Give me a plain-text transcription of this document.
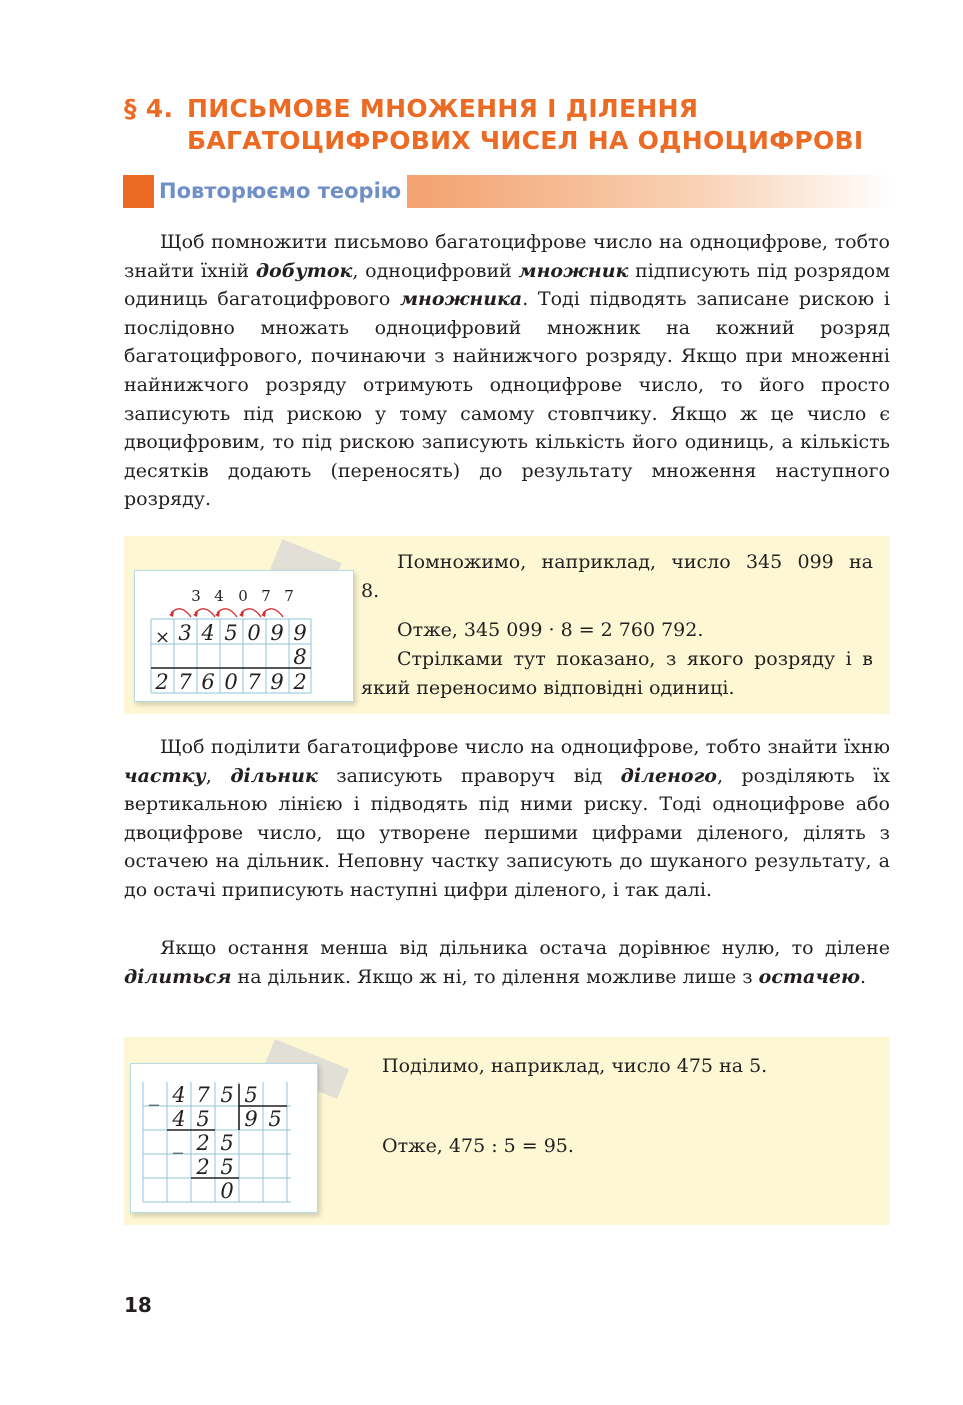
§ 4. ПИСЬМОВЕ МНОЖЕННЯ І ДІЛЕННЯ
БАГАТОЦИФРОВИХ ЧИСЕЛ НА ОДНОЦИФРОВІ
Повторюємо теорію

Щоб помножити письмово багатоцифрове число на одноцифрове, тобто знайти їхній добуток, одноцифровий множник підписують під розрядом одиниць багатоцифрового множника. Тоді підводять записане рискою і послідовно множать одноцифровий множник на кожний розряд багатоцифрового, починаючи з найнижчого розряду. Якщо при множенні найнижчого розряду отримують одноцифрове число, то його просто записують під рискою у тому самому стовпчику. Якщо ж це число є двоцифровим, то під рискою записують кількість його одиниць, а кількість десятків додають (переносять) до результату множення наступного розряду.

3 4 0 7 7
× 3 4 5 0 9 9
8
2 7 6 0 7 9 2

Помножимо, наприклад, число 345 099 на 8.

Отже, 345 099 · 8 = 2 760 792.

Стрілками тут показано, з якого розряду і в який переносимо відповідні одиниці.

Щоб поділити багатоцифрове число на одноцифрове, тобто знайти їхню частку, дільник записують праворуч від діленого, розділяють їх вертикальною лінією і підводять під ними риску. Тоді одноцифрове або двоцифрове число, що утворене першими цифрами діленого, ділять з остачею на дільник. Неповну частку записують до шуканого результату, а до остачі приписують наступні цифри діленого, і так далі.

Якщо остання менша від дільника остача дорівнює нулю, то ділене ділиться на дільник. Якщо ж ні, то ділення можливе лише з остачею.

_
_
4 7 5 5
4 5 9 5
2 5
2 5
0

Поділимо, наприклад, число 475 на 5.

Отже, 475 : 5 = 95.

18
